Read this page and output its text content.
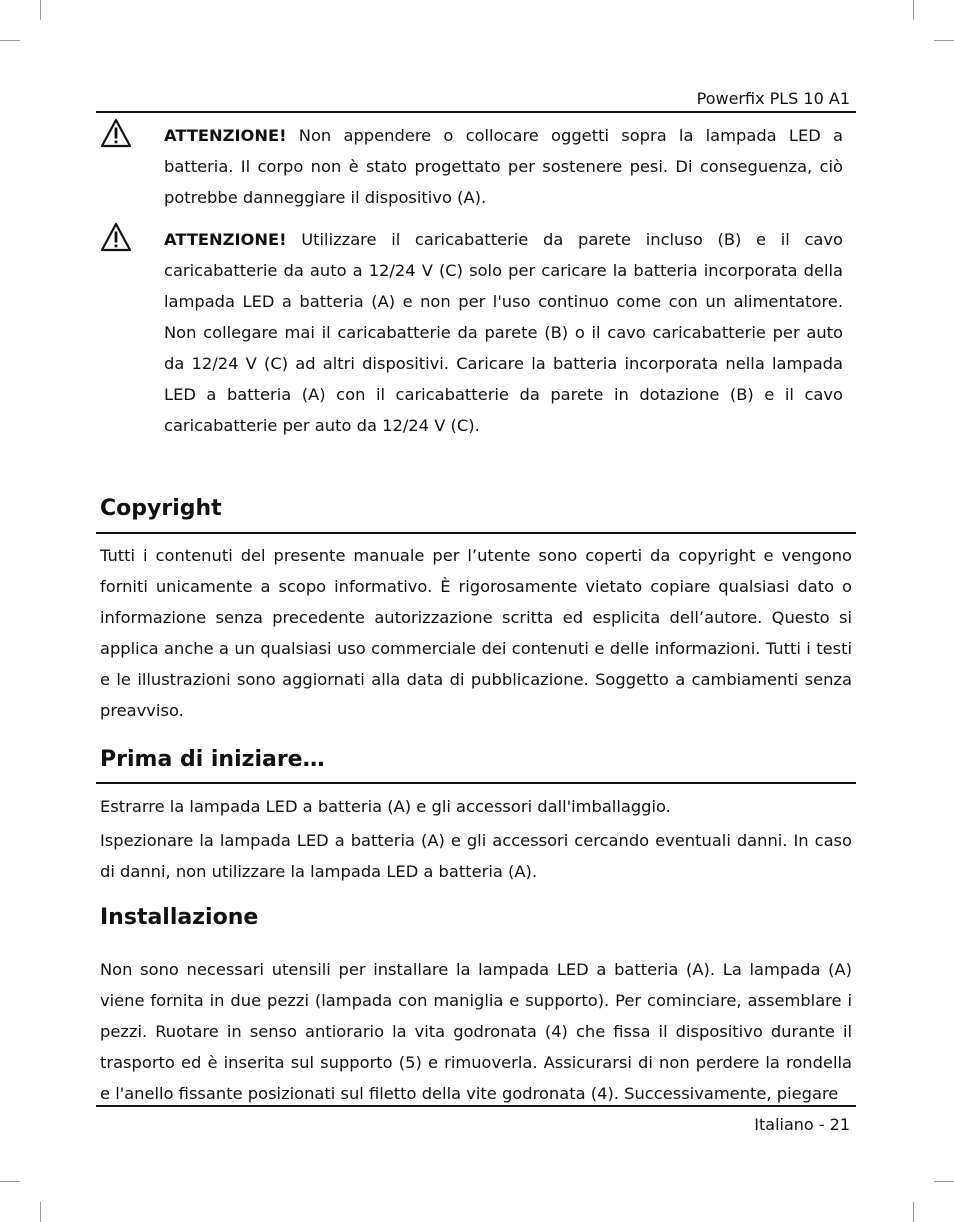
Powerfix PLS 10 A1
ATTENZIONE! Non appendere o collocare oggetti sopra la lampada LED a batteria. Il corpo non è stato progettato per sostenere pesi. Di conseguenza, ciò potrebbe danneggiare il dispositivo (A).
ATTENZIONE! Utilizzare il caricabatterie da parete incluso (B) e il cavo caricabatterie da auto a 12/24 V (C) solo per caricare la batteria incorporata della lampada LED a batteria (A) e non per l'uso continuo come con un alimentatore. Non collegare mai il caricabatterie da parete (B) o il cavo caricabatterie per auto da 12/24 V (C) ad altri dispositivi. Caricare la batteria incorporata nella lampada LED a batteria (A) con il caricabatterie da parete in dotazione (B) e il cavo caricabatterie per auto da 12/24 V (C).
Copyright

Tutti i contenuti del presente manuale per l’utente sono coperti da copyright e vengono forniti unicamente a scopo informativo. È rigorosamente vietato copiare qualsiasi dato o informazione senza precedente autorizzazione scritta ed esplicita dell’autore. Questo si applica anche a un qualsiasi uso commerciale dei contenuti e delle informazioni. Tutti i testi e le illustrazioni sono aggiornati alla data di pubblicazione. Soggetto a cambiamenti senza preavviso.

Prima di iniziare…

Estrarre la lampada LED a batteria (A) e gli accessori dall'imballaggio.

Ispezionare la lampada LED a batteria (A) e gli accessori cercando eventuali danni. In caso di danni, non utilizzare la lampada LED a batteria (A).

Installazione

Non sono necessari utensili per installare la lampada LED a batteria (A). La lampada (A) viene fornita in due pezzi (lampada con maniglia e supporto). Per cominciare, assemblare i pezzi. Ruotare in senso antiorario la vita godronata (4) che fissa il dispositivo durante il trasporto ed è inserita sul supporto (5) e rimuoverla. Assicurarsi di non perdere la rondella e l'anello fissante posizionati sul filetto della vite godronata (4). Successivamente, piegare

Italiano - 21
